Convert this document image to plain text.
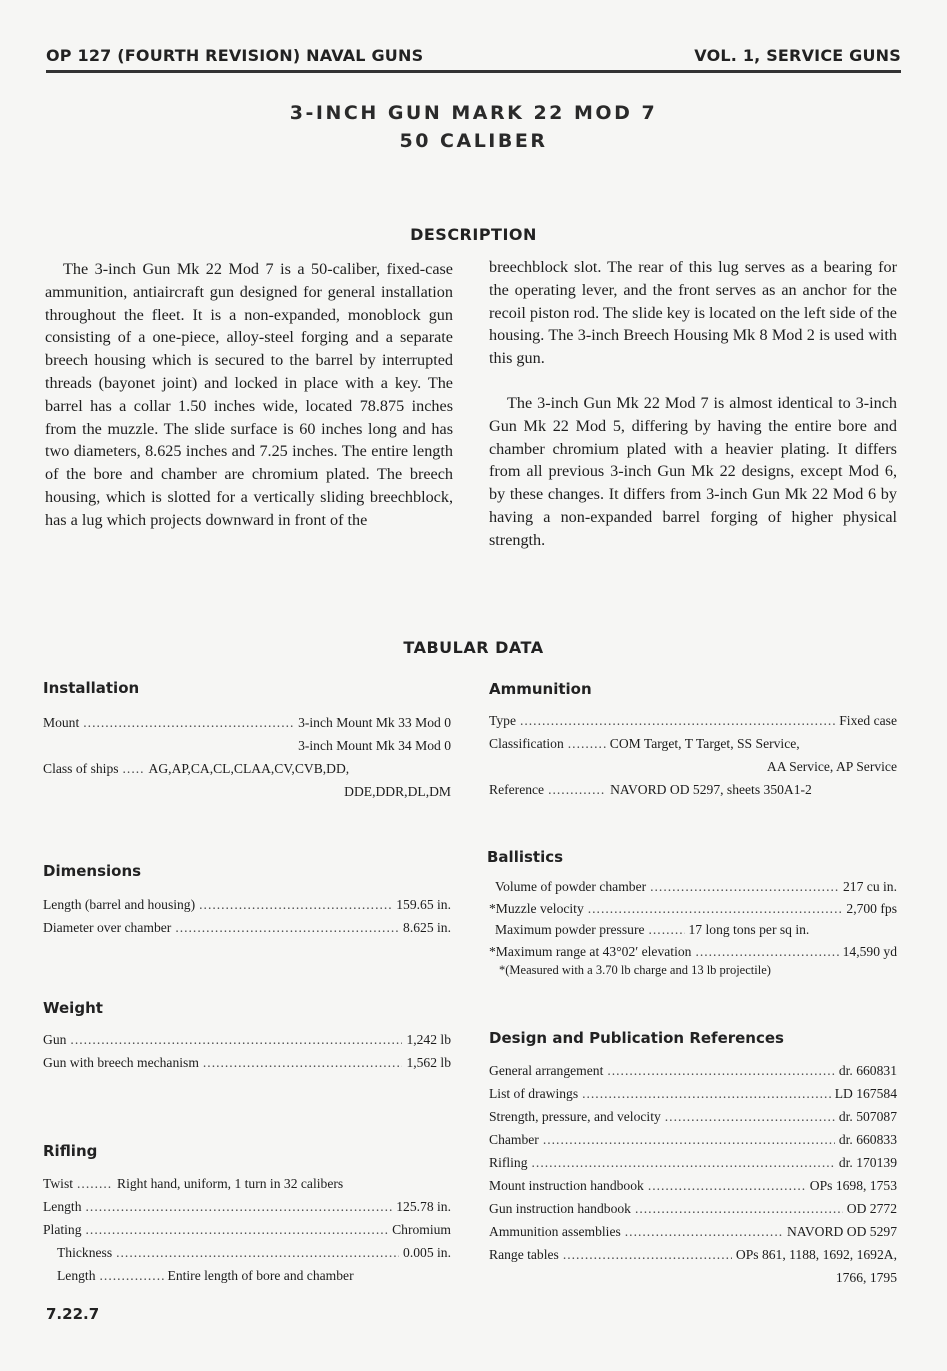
OP 127 (FOURTH REVISION) NAVAL GUNS	VOL. 1, SERVICE GUNS
3-INCH GUN MARK 22 MOD 7
50 CALIBER
DESCRIPTION

The 3-inch Gun Mk 22 Mod 7 is a 50-caliber, fixed-case ammunition, antiaircraft gun designed for general installation throughout the fleet. It is a non-expanded, monoblock gun consisting of a one-piece, alloy-steel forging and a separate breech housing which is secured to the barrel by interrupted threads (bayonet joint) and locked in place with a key. The barrel has a collar 1.50 inches wide, located 78.875 inches from the muzzle. The slide surface is 60 inches long and has two diameters, 8.625 inches and 7.25 inches. The entire length of the bore and chamber are chromium plated. The breech housing, which is slotted for a vertically sliding breechblock, has a lug which projects downward in front of the

breechblock slot. The rear of this lug serves as a bearing for the operating lever, and the front serves as an anchor for the recoil piston rod. The slide key is located on the left side of the housing. The 3-inch Breech Housing Mk 8 Mod 2 is used with this gun.

The 3-inch Gun Mk 22 Mod 7 is almost identical to 3-inch Gun Mk 22 Mod 5, differing by having the entire bore and chamber chromium plated with a heavier plating. It differs from all previous 3-inch Gun Mk 22 designs, except Mod 6, by these changes. It differs from 3-inch Gun Mk 22 Mod 6 by having a non-expanded barrel forging of higher physical strength.

TABULAR DATA
Installation
Mount .....	3-inch Mount Mk 33 Mod 0
3-inch Mount Mk 34 Mod 0
Class of ships ..... AG,AP,CA,CL,CLAA,CV,CVB,DD,
DDE,DDR,DL,DM
Dimensions
Length (barrel and housing) .....	159.65 in.
Diameter over chamber .....	8.625 in.
Weight
Gun .....	1,242 lb
Gun with breech mechanism .....	1,562 lb
Rifling
Twist .....	Right hand, uniform, 1 turn in 32 calibers
Length .....	125.78 in.
Plating .....	Chromium
Thickness .....	0.005 in.
Length .....	Entire length of bore and chamber
Ammunition
Type .....	Fixed case
Classification .....	COM Target, T Target, SS Service,
AA Service, AP Service
Reference .....	NAVORD OD 5297, sheets 350A1-2
Ballistics
Volume of powder chamber .....	217 cu in.
*Muzzle velocity .....	2,700 fps
Maximum powder pressure .....	17 long tons per sq in.
*Maximum range at 43°02′ elevation .....	14,590 yd
*(Measured with a 3.70 lb charge and 13 lb projectile)
Design and Publication References
General arrangement .....	dr. 660831
List of drawings .....	LD 167584
Strength, pressure, and velocity .....	dr. 507087
Chamber .....	dr. 660833
Rifling .....	dr. 170139
Mount instruction handbook .....	OPs 1698, 1753
Gun instruction handbook .....	OD 2772
Ammunition assemblies .....	NAVORD OD 5297
Range tables .....	OPs 861, 1188, 1692, 1692A,
1766, 1795
7.22.7
